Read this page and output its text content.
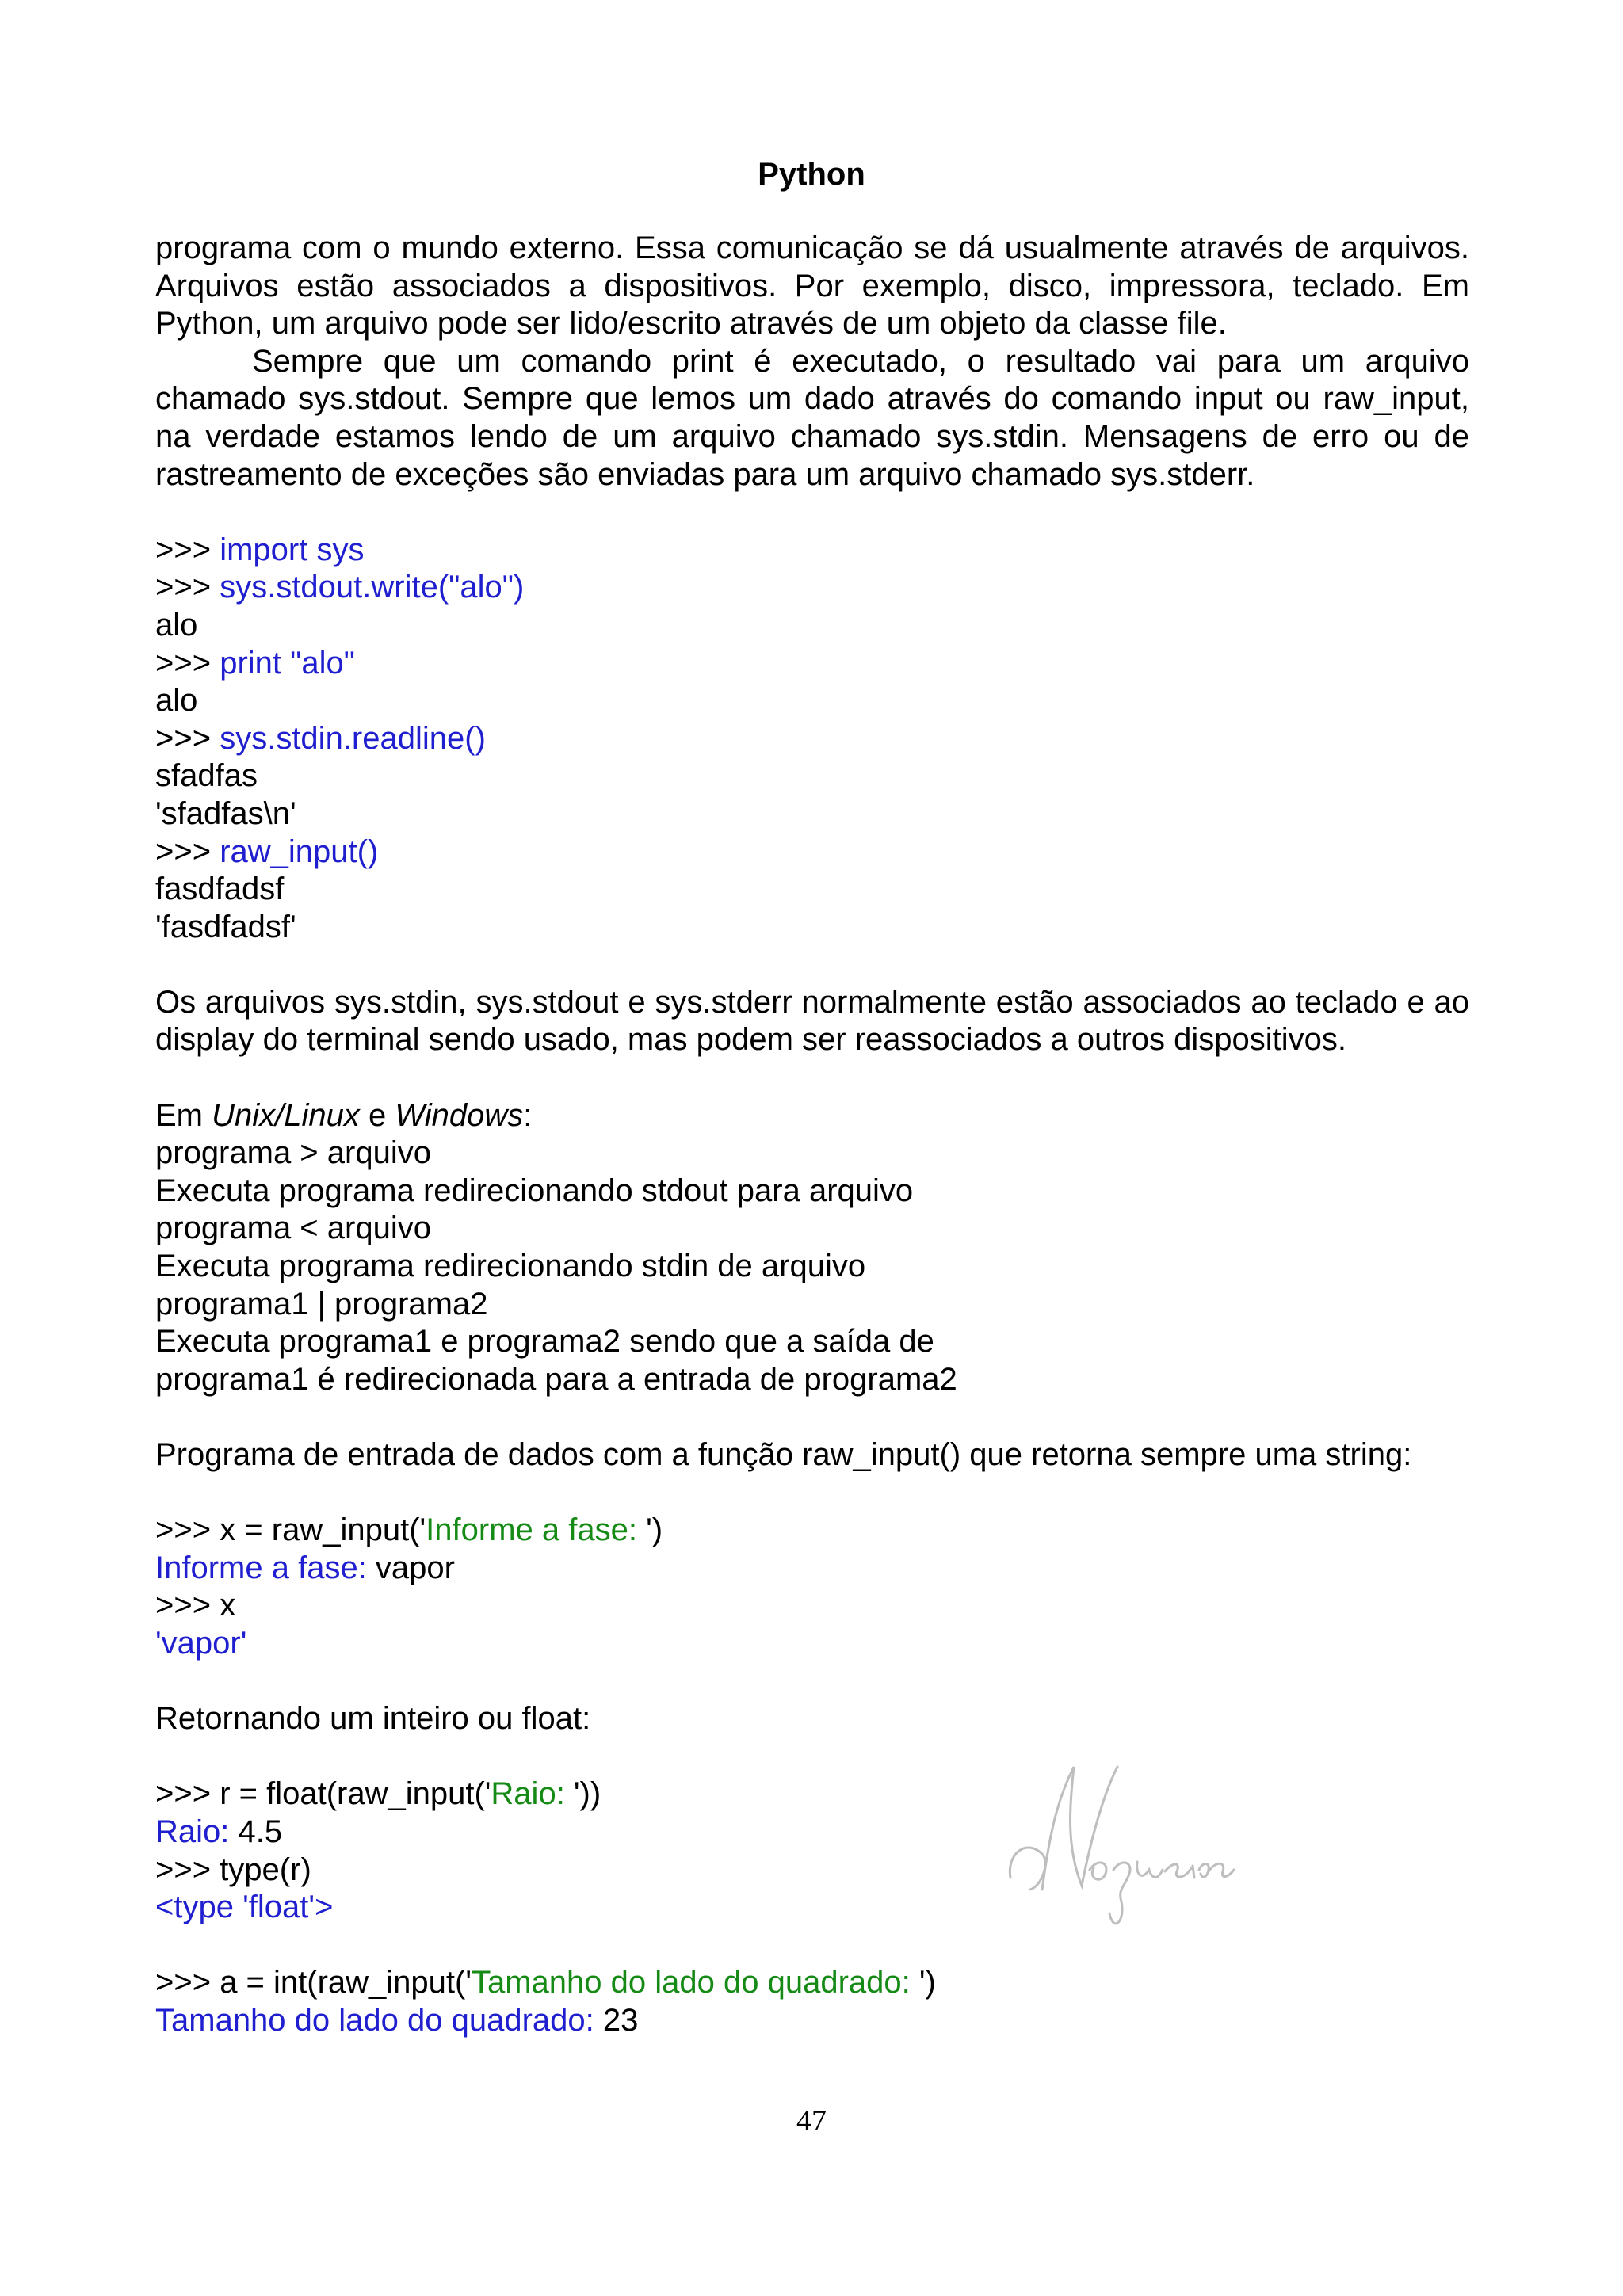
Python

programa com o mundo externo. Essa comunicação se dá usualmente através de arquivos. Arquivos estão associados a dispositivos. Por exemplo, disco, impressora, teclado. Em Python, um arquivo pode ser lido/escrito através de um objeto da classe file.

Sempre que um comando print é executado, o resultado vai para um arquivo chamado sys.stdout. Sempre que lemos um dado através do comando input ou raw_input, na verdade estamos lendo de um arquivo chamado sys.stdin. Mensagens de erro ou de rastreamento de exceções são enviadas para um arquivo chamado sys.stderr.

>>> import sys

>>> sys.stdout.write("alo")

alo

>>> print "alo"

alo

>>> sys.stdin.readline()

sfadfas

'sfadfas\n'

>>> raw_input()

fasdfadsf

'fasdfadsf'

Os arquivos sys.stdin, sys.stdout e sys.stderr normalmente estão associados ao teclado e ao display do terminal sendo usado, mas podem ser reassociados a outros dispositivos.

Em Unix/Linux e Windows:

programa > arquivo

Executa programa redirecionando stdout para arquivo

programa < arquivo

Executa programa redirecionando stdin de arquivo

programa1 | programa2

Executa programa1 e programa2 sendo que a saída de

programa1 é redirecionada para a entrada de programa2

Programa de entrada de dados com a função raw_input() que retorna sempre uma string:

>>> x = raw_input('Informe a fase: ')

Informe a fase: vapor

>>> x

'vapor'

Retornando um inteiro ou float:

>>> r = float(raw_input('Raio: '))

Raio: 4.5

>>> type(r)

<type 'float'>

>>> a = int(raw_input('Tamanho do lado do quadrado: ')

Tamanho do lado do quadrado: 23

47
